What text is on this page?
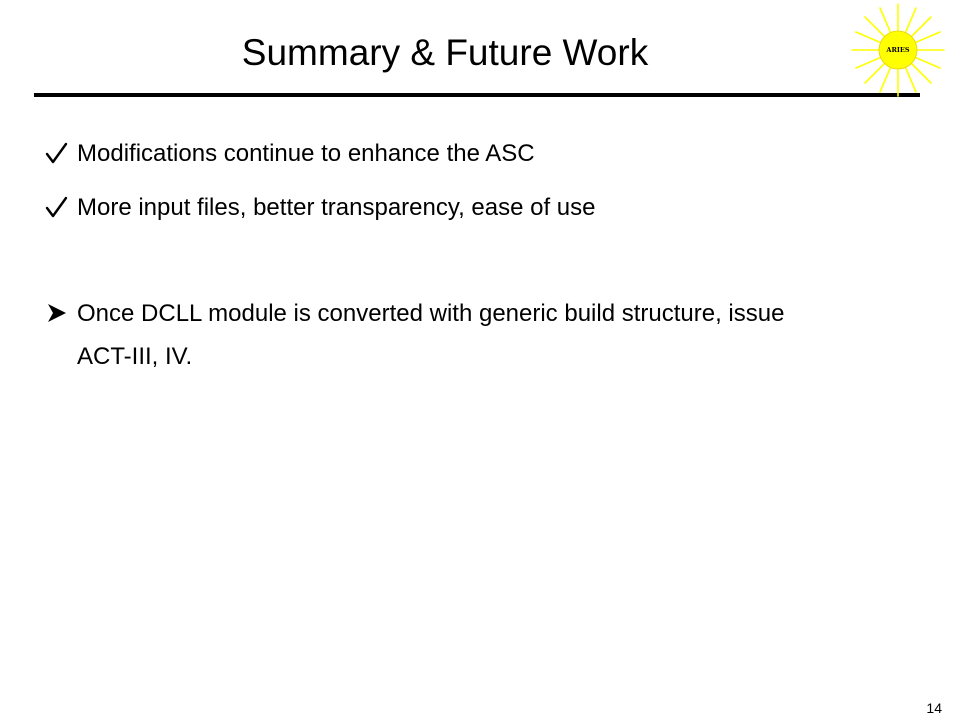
Summary & Future Work	ARIES
Modifications continue to enhance the ASC
More input files, better transparency, ease of use
Once DCLL module is converted with generic build structure, issue ACT-III, IV.
14
